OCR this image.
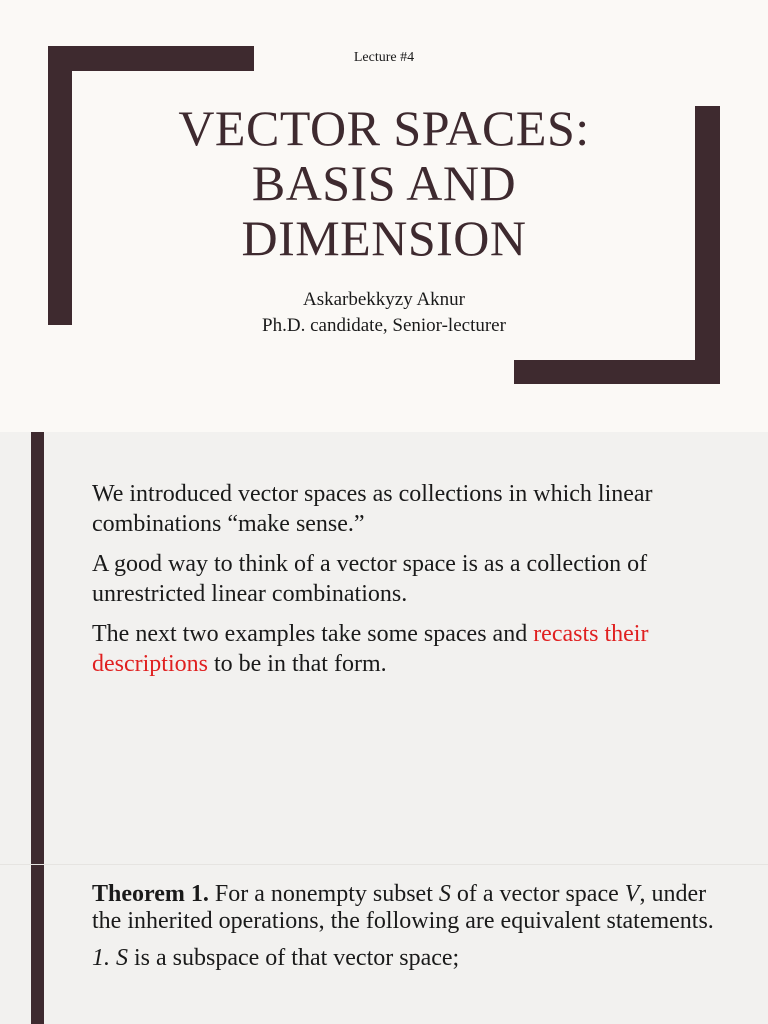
Lecture #4
VECTOR SPACES:
BASIS AND
DIMENSION
Askarbekkyzy Aknur
Ph.D. candidate, Senior-lecturer

We introduced vector spaces as collections in which linear combinations “make sense.”

A good way to think of a vector space is as a collection of unrestricted linear combinations.

The next two examples take some spaces and recasts their descriptions to be in that form.

Theorem 1. For a nonempty subset S of a vector space V, under the inherited operations, the following are equivalent statements.

1. S is a subspace of that vector space;
